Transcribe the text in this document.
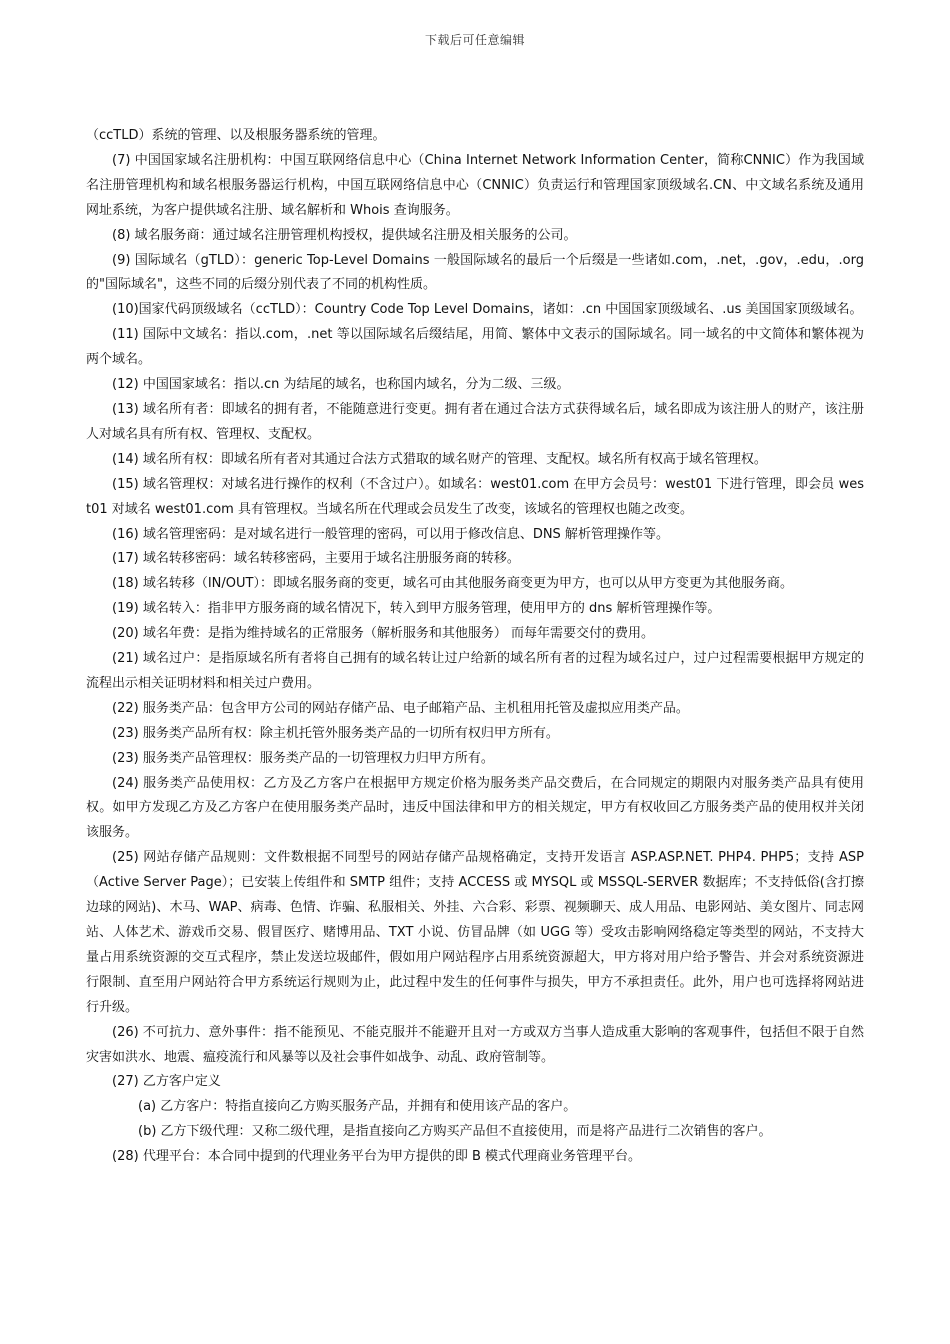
下载后可任意编辑

（ccTLD）系统的管理、以及根服务器系统的管理。

(7) 中国国家域名注册机构：中国互联网络信息中心（China Internet Network Information Center，简称CNNIC）作为我国域名注册管理机构和域名根服务器运行机构，中国互联网络信息中心（CNNIC）负责运行和管理国家顶级域名.CN、中文域名系统及通用网址系统，为客户提供域名注册、域名解析和 Whois 查询服务。

(8) 域名服务商：通过域名注册管理机构授权，提供域名注册及相关服务的公司。

(9) 国际域名（gTLD）：generic Top-Level Domains 一般国际域名的最后一个后缀是一些诸如.com，.net，.gov，.edu，.org 的"国际域名"，这些不同的后缀分别代表了不同的机构性质。

(10)国家代码顶级域名（ccTLD）：Country Code Top Level Domains，诸如：.cn 中国国家顶级域名、.us 美国国家顶级域名。

(11) 国际中文域名：指以.com，.net 等以国际域名后缀结尾，用简、繁体中文表示的国际域名。同一域名的中文简体和繁体视为两个域名。

(12) 中国国家域名：指以.cn 为结尾的域名，也称国内域名，分为二级、三级。

(13) 域名所有者：即域名的拥有者，不能随意进行变更。拥有者在通过合法方式获得域名后，域名即成为该注册人的财产，该注册人对域名具有所有权、管理权、支配权。

(14) 域名所有权：即域名所有者对其通过合法方式猎取的域名财产的管理、支配权。域名所有权高于域名管理权。

(15) 域名管理权：对域名进行操作的权利（不含过户）。如域名：west01.com 在甲方会员号：west01 下进行管理，即会员 west01 对域名 west01.com 具有管理权。当域名所在代理或会员发生了改变，该域名的管理权也随之改变。

(16) 域名管理密码：是对域名进行一般管理的密码，可以用于修改信息、DNS 解析管理操作等。

(17) 域名转移密码：域名转移密码，主要用于域名注册服务商的转移。

(18) 域名转移（IN/OUT）：即域名服务商的变更，域名可由其他服务商变更为甲方，也可以从甲方变更为其他服务商。

(19) 域名转入：指非甲方服务商的域名情况下，转入到甲方服务管理，使用甲方的 dns 解析管理操作等。

(20) 域名年费：是指为维持域名的正常服务（解析服务和其他服务） 而每年需要交付的费用。

(21) 域名过户：是指原域名所有者将自己拥有的域名转让过户给新的域名所有者的过程为域名过户，过户过程需要根据甲方规定的流程出示相关证明材料和相关过户费用。

(22) 服务类产品：包含甲方公司的网站存储产品、电子邮箱产品、主机租用托管及虚拟应用类产品。

(23) 服务类产品所有权：除主机托管外服务类产品的一切所有权归甲方所有。

(23) 服务类产品管理权：服务类产品的一切管理权力归甲方所有。

(24) 服务类产品使用权：乙方及乙方客户在根据甲方规定价格为服务类产品交费后，在合同规定的期限内对服务类产品具有使用权。如甲方发现乙方及乙方客户在使用服务类产品时，违反中国法律和甲方的相关规定，甲方有权收回乙方服务类产品的使用权并关闭该服务。

(25) 网站存储产品规则：文件数根据不同型号的网站存储产品规格确定，支持开发语言 ASP.ASP.NET. PHP4. PHP5；支持 ASP（Active Server Page）；已安装上传组件和 SMTP 组件；支持 ACCESS 或 MYSQL 或 MSSQL-SERVER 数据库；不支持低俗(含打擦边球的网站)、木马、WAP、病毒、色情、诈骗、私服相关、外挂、六合彩、彩票、视频聊天、成人用品、电影网站、美女图片、同志网站、人体艺术、游戏币交易、假冒医疗、赌博用品、TXT 小说、仿冒品牌（如 UGG 等）受攻击影响网络稳定等类型的网站，不支持大量占用系统资源的交互式程序，禁止发送垃圾邮件，假如用户网站程序占用系统资源超大，甲方将对用户给予警告、并会对系统资源进行限制、直至用户网站符合甲方系统运行规则为止，此过程中发生的任何事件与损失，甲方不承担责任。此外，用户也可选择将网站进行升级。

(26) 不可抗力、意外事件：指不能预见、不能克服并不能避开且对一方或双方当事人造成重大影响的客观事件，包括但不限于自然灾害如洪水、地震、瘟疫流行和风暴等以及社会事件如战争、动乱、政府管制等。

(27) 乙方客户定义

(a) 乙方客户：特指直接向乙方购买服务产品，并拥有和使用该产品的客户。

(b) 乙方下级代理：又称二级代理，是指直接向乙方购买产品但不直接使用，而是将产品进行二次销售的客户。

(28) 代理平台：本合同中提到的代理业务平台为甲方提供的即 B 模式代理商业务管理平台。
